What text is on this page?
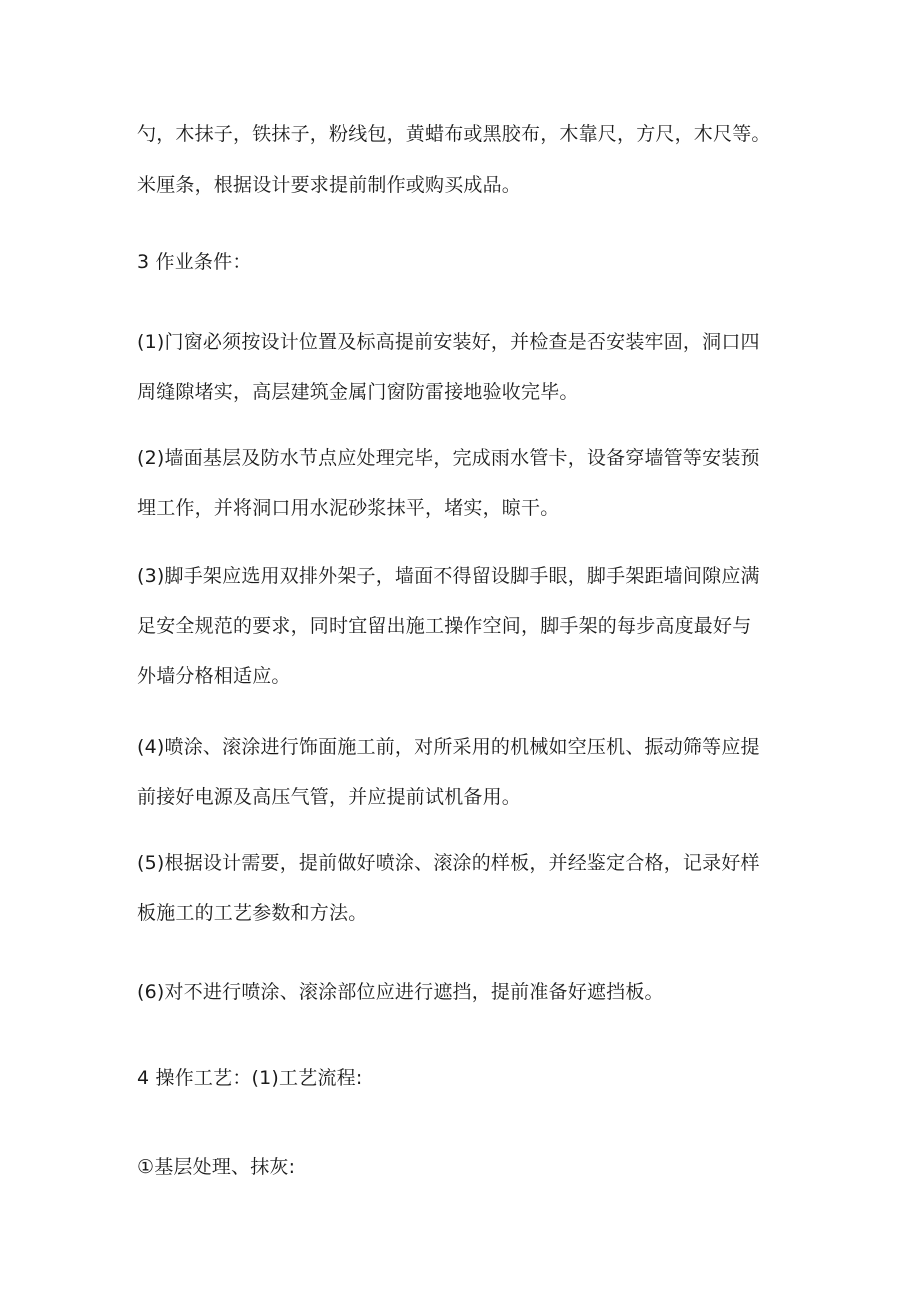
勺，木抹子，铁抹子，粉线包，黄蜡布或黑胶布，木靠尺，方尺，木尺等。
米厘条，根据设计要求提前制作或购买成品。
3 作业条件：
(1)门窗必须按设计位置及标高提前安装好，并检查是否安装牢固，洞口四
周缝隙堵实，高层建筑金属门窗防雷接地验收完毕。
(2)墙面基层及防水节点应处理完毕，完成雨水管卡，设备穿墙管等安装预
埋工作，并将洞口用水泥砂浆抹平，堵实，晾干。
(3)脚手架应选用双排外架子，墙面不得留设脚手眼，脚手架距墙间隙应满
足安全规范的要求，同时宜留出施工操作空间，脚手架的每步高度最好与
外墙分格相适应。
(4)喷涂、滚涂进行饰面施工前，对所采用的机械如空压机、振动筛等应提
前接好电源及高压气管，并应提前试机备用。
(5)根据设计需要，提前做好喷涂、滚涂的样板，并经鉴定合格，记录好样
板施工的工艺参数和方法。
(6)对不进行喷涂、滚涂部位应进行遮挡，提前准备好遮挡板。
4 操作工艺：(1)工艺流程:
①基层处理、抹灰:
